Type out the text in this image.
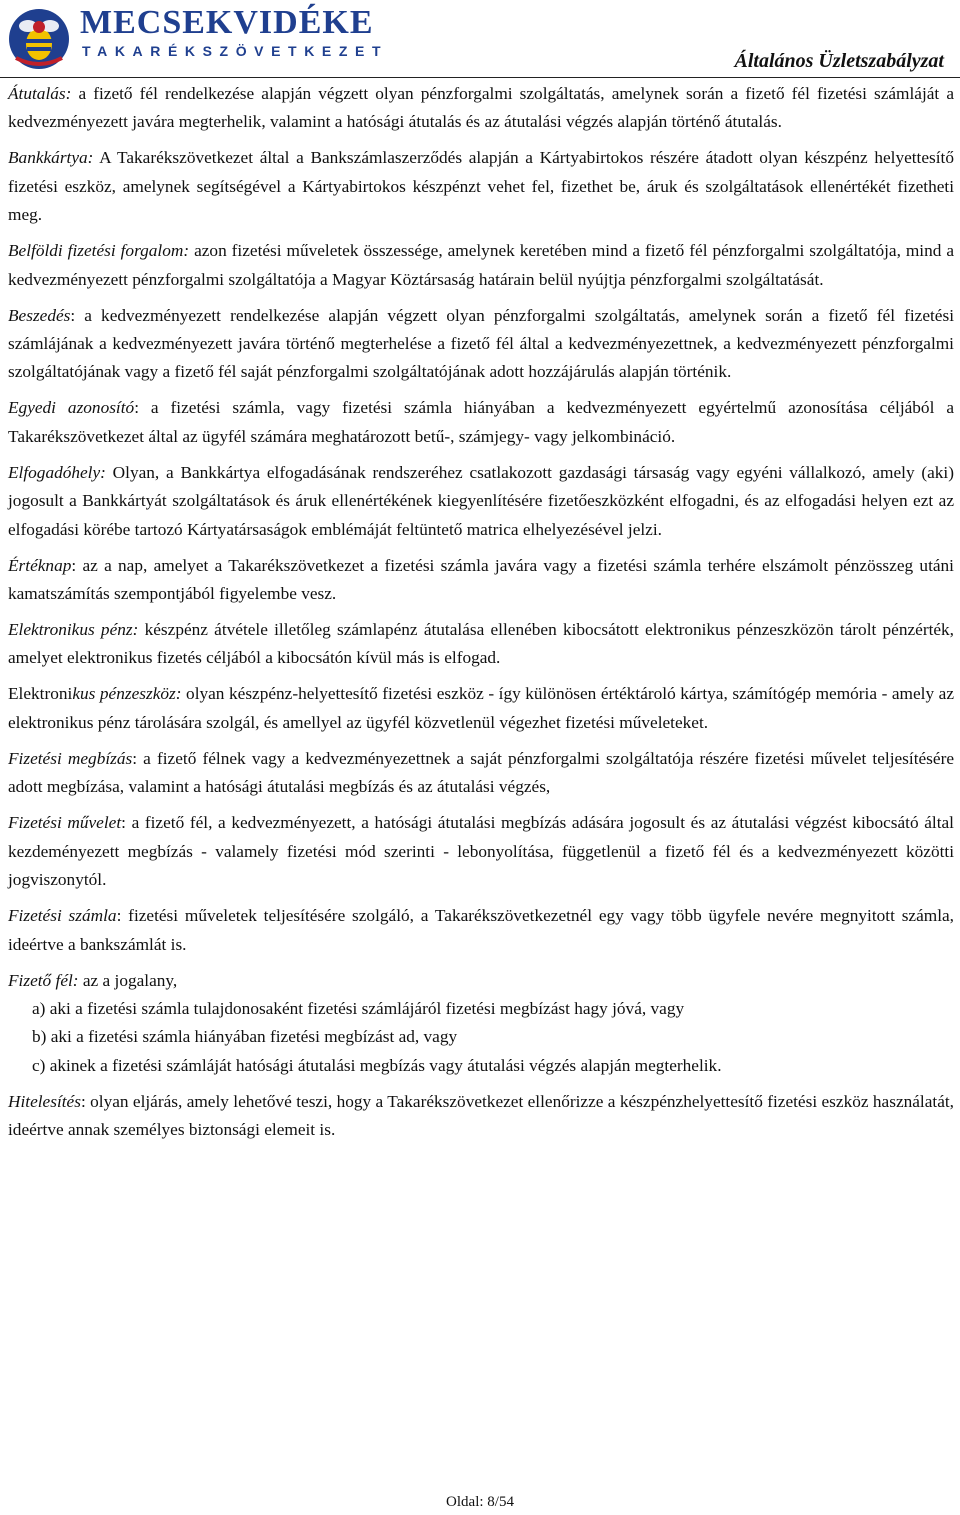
MECSEKVIDÉKE
TAKARÉKSZÖVETKEZET	Általános Üzletszabályzat

Átutalás: a fizető fél rendelkezése alapján végzett olyan pénzforgalmi szolgáltatás, amelynek során a fizető fél fizetési számláját a kedvezményezett javára megterhelik, valamint a hatósági átutalás és az átutalási végzés alapján történő átutalás.

Bankkártya: A Takarékszövetkezet által a Bankszámlaszerződés alapján a Kártyabirtokos részére átadott olyan készpénz helyettesítő fizetési eszköz, amelynek segítségével a Kártyabirtokos készpénzt vehet fel, fizethet be, áruk és szolgáltatások ellenértékét fizetheti meg.

Belföldi fizetési forgalom: azon fizetési műveletek összessége, amelynek keretében mind a fizető fél pénzforgalmi szolgáltatója, mind a kedvezményezett pénzforgalmi szolgáltatója a Magyar Köztársaság határain belül nyújtja pénzforgalmi szolgáltatását.

Beszedés: a kedvezményezett rendelkezése alapján végzett olyan pénzforgalmi szolgáltatás, amelynek során a fizető fél fizetési számlájának a kedvezményezett javára történő megterhelése a fizető fél által a kedvezményezettnek, a kedvezményezett pénzforgalmi szolgáltatójának vagy a fizető fél saját pénzforgalmi szolgáltatójának adott hozzájárulás alapján történik.

Egyedi azonosító: a fizetési számla, vagy fizetési számla hiányában a kedvezményezett egyértelmű azonosítása céljából a Takarékszövetkezet által az ügyfél számára meghatározott betű-, számjegy- vagy jelkombináció.

Elfogadóhely: Olyan, a Bankkártya elfogadásának rendszeréhez csatlakozott gazdasági társaság vagy egyéni vállalkozó, amely (aki) jogosult a Bankkártyát szolgáltatások és áruk ellenértékének kiegyenlítésére fizetőeszközként elfogadni, és az elfogadási helyen ezt az elfogadási körébe tartozó Kártyatársaságok emblémáját feltüntető matrica elhelyezésével jelzi.

Értéknap: az a nap, amelyet a Takarékszövetkezet a fizetési számla javára vagy a fizetési számla terhére elszámolt pénzösszeg utáni kamatszámítás szempontjából figyelembe vesz.

Elektronikus pénz: készpénz átvétele illetőleg számlapénz átutalása ellenében kibocsátott elektronikus pénzeszközön tárolt pénzérték, amelyet elektronikus fizetés céljából a kibocsátón kívül más is elfogad.

Elektronikus pénzeszköz: olyan készpénz-helyettesítő fizetési eszköz - így különösen értéktároló kártya, számítógép memória - amely az elektronikus pénz tárolására szolgál, és amellyel az ügyfél közvetlenül végezhet fizetési műveleteket.

Fizetési megbízás: a fizető félnek vagy a kedvezményezettnek a saját pénzforgalmi szolgáltatója részére fizetési művelet teljesítésére adott megbízása, valamint a hatósági átutalási megbízás és az átutalási végzés,

Fizetési művelet: a fizető fél, a kedvezményezett, a hatósági átutalási megbízás adására jogosult és az átutalási végzést kibocsátó által kezdeményezett megbízás - valamely fizetési mód szerinti - lebonyolítása, függetlenül a fizető fél és a kedvezményezett közötti jogviszonytól.

Fizetési számla: fizetési műveletek teljesítésére szolgáló, a Takarékszövetkezetnél egy vagy több ügyfele nevére megnyitott számla, ideértve a bankszámlát is.

Fizető fél: az a jogalany,

a) aki a fizetési számla tulajdonosaként fizetési számlájáról fizetési megbízást hagy jóvá, vagy

b) aki a fizetési számla hiányában fizetési megbízást ad, vagy

c) akinek a fizetési számláját hatósági átutalási megbízás vagy átutalási végzés alapján megterhelik.

Hitelesítés: olyan eljárás, amely lehetővé teszi, hogy a Takarékszövetkezet ellenőrizze a készpénzhelyettesítő fizetési eszköz használatát, ideértve annak személyes biztonsági elemeit is.

Oldal: 8/54
